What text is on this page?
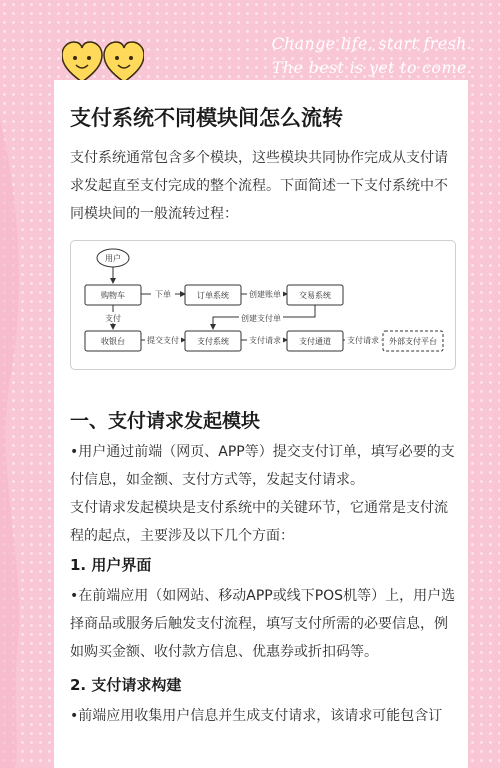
Change life, start fresh.
The best is yet to come.
支付系统不同模块间怎么流转
支付系统通常包含多个模块，这些模块共同协作完成从支付请求发起直至支付完成的整个流程。下面简述一下支付系统中不同模块间的一般流转过程：
下单	创建账单
支付	创建支付单
提交支付	支付请求	支付请求
用户
购物车	订单系统	交易系统
收银台	支付系统	支付通道	外部支付平台
一、支付请求发起模块
•用户通过前端（网页、APP等）提交支付订单，填写必要的支付信息，如金额、支付方式等，发起支付请求。
支付请求发起模块是支付系统中的关键环节，它通常是支付流程的起点，主要涉及以下几个方面：
1. 用户界面
•在前端应用（如网站、移动APP或线下POS机等）上，用户选择商品或服务后触发支付流程，填写支付所需的必要信息，例如购买金额、收付款方信息、优惠券或折扣码等。
2. 支付请求构建
•前端应用收集用户信息并生成支付请求，该请求可能包含订
